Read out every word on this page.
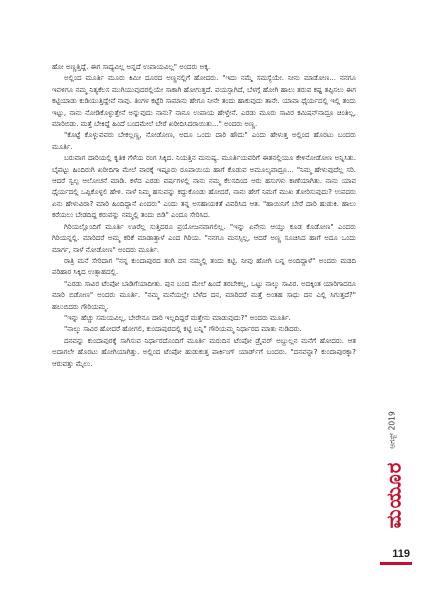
ಹೋ ಅಣ್ಣತ್ತಿದ್ದೆ. ಈಗ ಸಾಧ್ಯವಿಲ್ಲ ಅನ್ನದೆ ಉಪಾಯವಿಲ್ಲ" ಅಂದರು ಅಕ್ಕ.

ಅಲ್ಲಿಂದ ಮೂರ್ತಿ ಮೂರು ಕಿಮೀ ದೂರದ ಅಣ್ಣನಲ್ಲಿಗೆ ಹೋದರು. "ಇದು ನಮ್ಮೆ ಸಮಸ್ಯೆಯೇ. ನೀನು ಮಾಡೋಣ... ನನಗೂ ಇವಳಿಗೂ ನಮ್ಮ ನಿತ್ಯಕೆಲಸ ಮುಗಿಯುವುದರಲ್ಲಿಯೇ ಸಾಕಾಗಿ ಹೋಗುತ್ತದೆ. ವಯಸ್ಸಾಗಿದೆ, ಬೆಳಗ್ಗೆ ಹೋಗಿ ಹಾಲು ತರುವ ಕಷ್ಟ ತಪ್ಪಿಸಲು ಈಗ ಕಟ್ಟಿಯಾಡು ಕುಡಿಯುತ್ತಿದ್ದೇವೆ ನಾವು. ತಿಂಗಳ ಕಟ್ಟೆರಿ ಸಾಮಾನು ಹೇಗೂ ನೀನೇ ತಂದು ಹಾಕುವುದು ತಾನೇ. ಯಾವಾ ಧೈರ್ಯದಲ್ಲಿ ಇಲ್ಲಿ ತಂದು ಇಟ್ಟು, ನಾನು ನೋಡಿಕೊಳ್ಳುತ್ತೇನೆ ಅನ್ನುವುದು ನಾನು? ನಾನೂ ಉಪಾಯ ಹೇಳ್ತೇನೆ. ಎರಡು ಮೂರು ಸಾವಿರ ಕಮಿಷನ್‌ನಾದ್ರೂ ಚಿಂತಿಲ್ಲ, ಮಾರಿಬಿಡು. ಮತ್ತೆ ಬೇಕಿದ್ದೆ ಹಿಂದೆ ಬಂದಮೇಲೆ ಬೇರೆ ಖರೀದಿಸಿದರಾಯಿತು..." ಅಂದರು ಅಣ್ಣ.

"ಕೊಟ್ಟೆ ಕೊಳ್ಳುವವರು ಬೇಕಲ್ಲಣ್ಣ, ನೋಡೋಣ, ಅದೂ ಒಂದು ದಾರಿ ಹೌದು" ಎಂದು ಹೇಳುತ್ತ ಅಲ್ಲಿಂದ ಹೊರಟು ಬಂದರು ಮೂರ್ತಿ.

ಬರುವಾಗ ದಾರಿಯಲ್ಲಿ ಕೃತಿಕ ಗೆಳೆಯ ರಂಗ ಸಿಕ್ಕಿದ. ನಿಯತ್ತಿನ ಮನುಷ್ಯ. ಮೂರ್ತಿಯವರಿಗೆ ಈತನಲ್ಲಿಯೂ ಕೇಳಿನೋಡೋಣ ಅನ್ನಿಸಿತು. ಬೈಪಟ್ಟು ಹಿಂದಿರುಗಿ ಖರೀದಿಗಾ ಮೇಲೆ ವಾರಕ್ಕೆ ಇಷ್ಟೂರು ರೂಪಾಯಿಯ ಹಾಗೆ ಕೊಡುವ ಅಮೂಲ್ಯವಾದ್ರೂ... "ನಿಮ್ಮ ಹೇಳುವುದೆಲ್ಲ ಸರಿ. ಆದರೆ ಸ್ವಲ್ಪ ಆಲೋಚನೆ ಮಾಡಿ. ಕಳೆದ ಎರಡು ವರ್ಷಗಳಲ್ಲಿ ನಾನು ನಮ್ಮ ಕೆಲಸದಿಂದ ಆರು ಹಸುಗಳು ಕಾಣೆಯಾಗಿತು. ನಾನು ಯಾವ ಧೈರ್ಯದಲ್ಲಿ ಒಪ್ಪಿಕೊಳ್ಳಲಿ ಹೇಳಿ. ನಾಳೆ ನಿಮ್ಮ ಹಸುವನ್ನು ಕದ್ದುಕೊಂಡು ಹೋದರೆ, ನಾನು ಹೇಗೆ ನಿಮಗೆ ಮುಖ ತೋರಿಸುವುದು? ಉಪದರು ಏನು ಹೇಳುವಿರಾ? ಮಾರಿ ಹಿಂದಿದ್ದಾನೆ ಏಂದರು" ಎಂದು ತನ್ನ ಅಸಹಾಯಕತೆ ವಿವರಿಸಿದ ಆತ. "ಹಾಯಿನಿಗೆ ಬೇರೆ ದಾರಿ ಹುಡುಕಿ. ಹಾಲು ಕರೆಯಲು ಬೇಡದಿದ್ದ ಕರುವನ್ನು ನಮ್ಮಲ್ಲಿ ತಂದು ಬಿಡಿ" ಎಂದೂ ಸೇರಿಸಿದ.

ಗಿರಿಯಲ್ಲೊಂದಿಗೆ ಮೂರ್ತಿ ಊರೆಲ್ಲ ಸುತ್ತಿದರೂ ಪ್ರಯೋಜನವಾಗಲಿಲ್ಲ. "ಇನ್ನು ಏನೇನು ಆಯ್ತು ಕೂಡ ಕೊಡೋಣ" ಎಂದರು ಗಿರಿಯನ್ನಲ್ಲಿ. ಮಾರಿದರೆ ಅಮ್ಮ ಕರಿಕೆ ಮಾಡಾತ್ತಾಳೆ ಎಂದ ಗಿರಿಯ. "ನನಗೂ ಮನಸ್ಸಿಲ್ಲ, ಆದರೆ ಅಣ್ಣ ಸೂಚಿಸಿದ ಹಾಗೆ ಅದೂ ಒಂದು ಮಾರ್ಗ, ನಾಳೆ ನೋಡೋಣ" ಅಂದರು ಮೂರ್ತಿ.

ರಾತ್ರಿ ಮನೆ ಸೇರಿದಾಗ "ನನ್ನ ಕುಂದಾಪುರದ ತಂಗಿ ದನ ನಮ್ಮಲ್ಲಿ ತಂದು ಕಟ್ಟಿ. ನೀವು ಹೋಗಿ ಬನ್ನ ಅಂದಿದ್ದಾಳೆ" ಅಂದರು ಮಡದಿ ಪರಿಹಾರ ಸಿಕ್ಕಿದ ಉತ್ಸಾಹದಲ್ಲಿ.

"ಎರಡು ಸಾವಿರ ಟೆಂಪೋ ಬಾಡಿಗೆಯಾದೀತು. ಪುನ ಬಂದ ಮೇಲೆ ಹಿಂದೆ ತರಬೇಕಲ್ಲ, ಒಟ್ಟು ನಾಲ್ಕು ಸಾವಿರ. ಅದಕ್ಕಿಂತ ಯಾರಿಗಾದರೂ ಮಾರಿ ಬಿಡೋಣ" ಅಂದರು ಮೂರ್ತಿ. "ನಮ್ಮ ಮನೆಯಲ್ಲೇ ಬೆಳೆದ ದನ, ಮಾರಿದರೆ ಮತ್ತೆ ಅಂತಹ ಸಾಧು ದನ ಎಲ್ಲಿ ಸಿಗುತ್ತದೆ?" ಹಲುಬಿದರು ಗೌರಿಯಮ್ಮ.

"ಇನ್ನು ಹೆಚ್ಚು ಸಮಯವಿಲ್ಲ, ಬೇರೇನೂ ದಾರಿ ಇಲ್ಲದಿದ್ದರೆ ಮತ್ತೇನು ಮಾಡುವುದು?" ಅಂದರು ಮೂರ್ತಿ.

"ನಾಲ್ಕು ಸಾವಿರ ಹೋದರೆ ಹೋಗಲಿ, ಕುಂದಾಪುರದಲ್ಲಿ ಕಟ್ಟಿ ಬನ್ನಿ" ಗೌರಿಯಮ್ಮ ನಿರ್ಧಾರದ ಮಾತು ನುಡಿದರು.

ದನವನ್ನು ಕುಂದಾಪುರಕ್ಕೆ ಸಾಗಿಸುವ ನಿರ್ಧಾರದೊಂದಿಗೆ ಮೂರ್ತಿ ಮರುದಿನ ಟೆಂಪೋ ಡ್ರೈವರ್ ಅಬ್ದುಲ್ಲನ ಮನೆಗೆ ಹೋದರು. ಆತ ಅದಾಗಲೇ ಹೊರಟು ಹೋಗಿಯಾಗಿತ್ತು. ಅಲ್ಲಿಂದ ಟೆಂಪೋ ಹುಡುಕುತ್ತ ಪಾರ್ಕಿಂಗ್ ಯಾರ್ಡ್‌ಗೆ ಬಂದರು. "ದನವನ್ನಾ? ಕುಂದಾಪುರಕ್ಕಾ? ಆರುವತ್ತು ಮೈಲು.

ಆಗಸ್ಟ್ 2019
ಮಯೂರ
119
